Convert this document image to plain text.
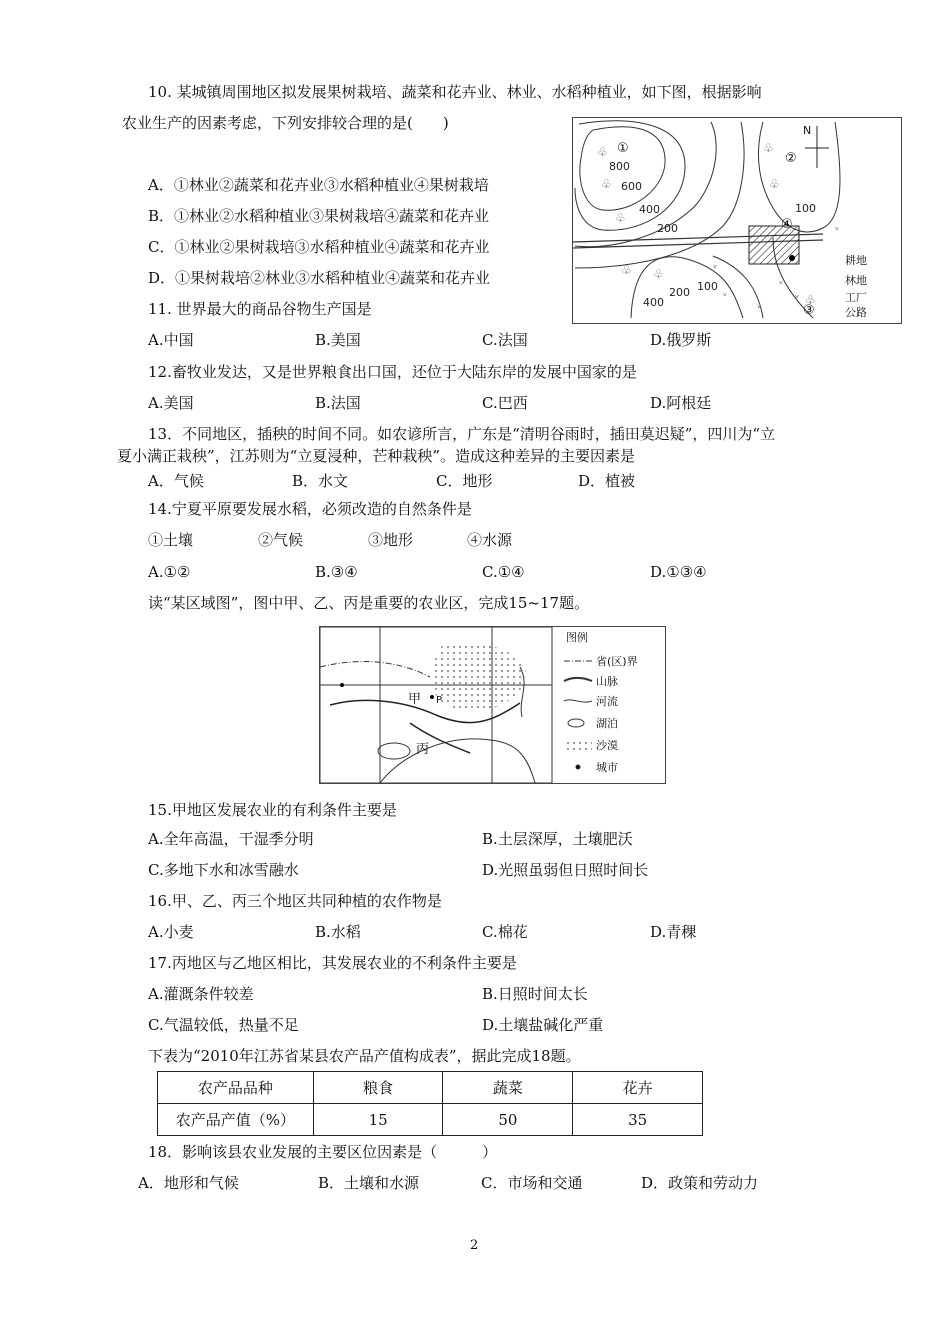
10. 某城镇周围地区拟发展果树栽培、蔬菜和花卉业、林业、水稻种植业，如下图，根据影响
农业生产的因素考虑，下列安排较合理的是(　　)
A．①林业②蔬菜和花卉业③水稻种植业④果树栽培
B．①林业②水稻种植业③果树栽培④蔬菜和花卉业
C．①林业②果树栽培③水稻种植业④蔬菜和花卉业
D．①果树栽培②林业③水稻种植业④蔬菜和花卉业
800
600
400
200
100
400
200 100
①
②
③
④
N
♧
♧
♧
♧
♧
♧ ♧
♧
ᵥ
ᵥ
ᵥ
ᵥ
ᵥ
ᵥ
耕地
林地
工厂
公路
11. 世界最大的商品谷物生产国是
A.中国	B.美国	C.法国	D.俄罗斯
12.畜牧业发达，又是世界粮食出口国，还位于大陆东岸的发展中国家的是
A.美国	B.法国	C.巴西	D.阿根廷
13．不同地区，插秧的时间不同。如农谚所言，广东是“清明谷雨时，插田莫迟疑”，四川为“立
夏小满正栽秧”，江苏则为“立夏浸种，芒种栽秧”。造成这种差异的主要因素是
A．气候	B．水文	C．地形	D．植被
14.宁夏平原要发展水稻，必须改造的自然条件是
①土壤	②气候	③地形	④水源
A.①②	B.③④	C.①④	D.①③④
读“某区域图”，图中甲、乙、丙是重要的农业区，完成15~17题。
甲
丙
P
图例
省(区)界
山脉
河流
湖泊
沙漠
城市
15.甲地区发展农业的有利条件主要是
A.全年高温，干湿季分明	B.土层深厚，土壤肥沃
C.多地下水和冰雪融水	D.光照虽弱但日照时间长
16.甲、乙、丙三个地区共同种植的农作物是
A.小麦	B.水稻	C.棉花	D.青稞
17.丙地区与乙地区相比，其发展农业的不利条件主要是
A.灌溉条件较差	B.日照时间太长
C.气温较低，热量不足	D.土壤盐碱化严重
下表为“2010年江苏省某县农产品产值构成表”，据此完成18题。
农产品品种	粮食	蔬菜	花卉
农产品产值（%）	15	50	35
18．影响该县农业发展的主要区位因素是（　　　）
A．地形和气候	B．土壤和水源	C．市场和交通	D．政策和劳动力
2
